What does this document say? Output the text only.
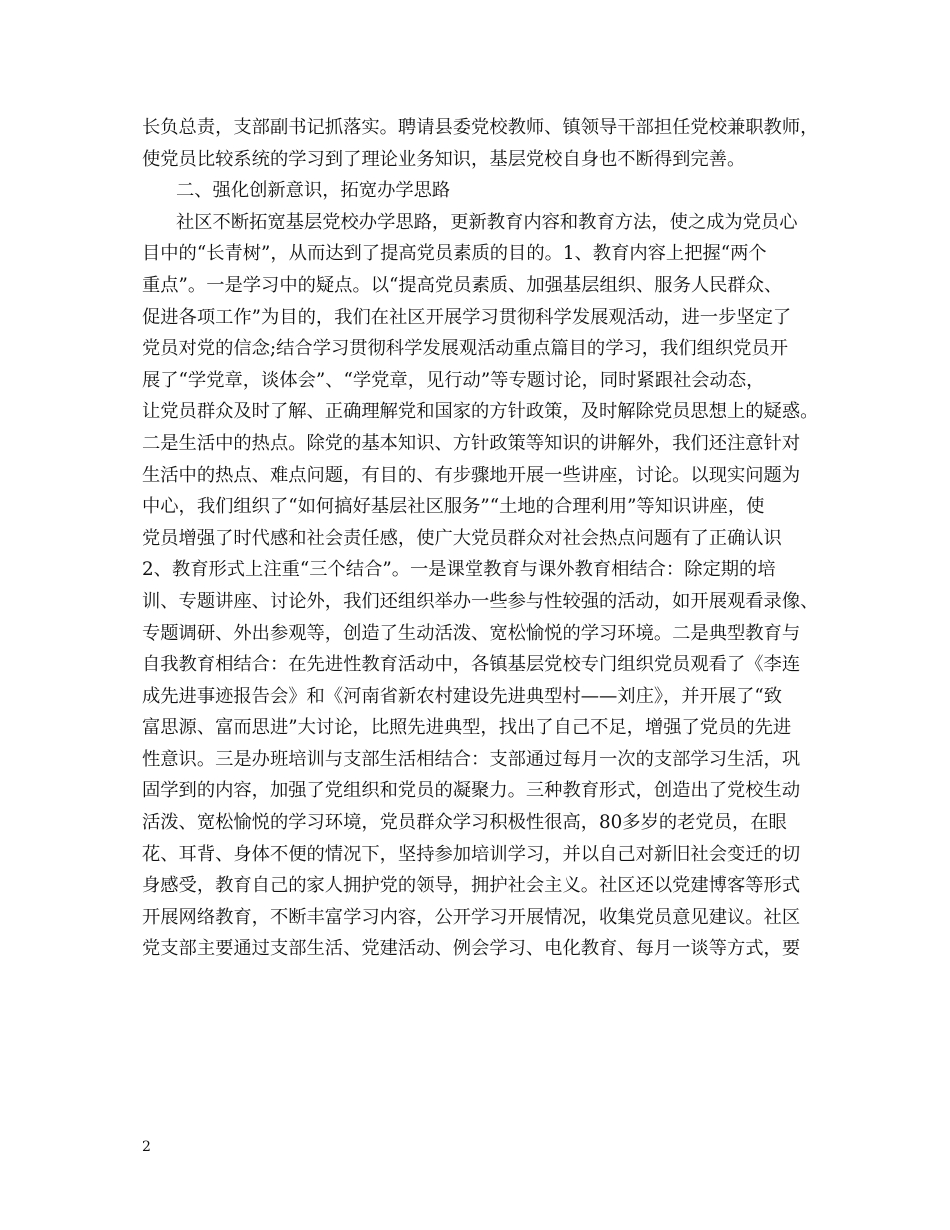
长负总责，支部副书记抓落实。聘请县委党校教师、镇领导干部担任党校兼职教师，
使党员比较系统的学习到了理论业务知识，基层党校自身也不断得到完善。
二、强化创新意识，拓宽办学思路
社区不断拓宽基层党校办学思路，更新教育内容和教育方法，使之成为党员心
目中的“长青树”，从而达到了提高党员素质的目的。1、教育内容上把握“两个
重点”。一是学习中的疑点。以“提高党员素质、加强基层组织、服务人民群众、
促进各项工作”为目的，我们在社区开展学习贯彻科学发展观活动，进一步坚定了
党员对党的信念;结合学习贯彻科学发展观活动重点篇目的学习，我们组织党员开
展了“学党章，谈体会”、“学党章，见行动”等专题讨论，同时紧跟社会动态，
让党员群众及时了解、正确理解党和国家的方针政策，及时解除党员思想上的疑惑。
二是生活中的热点。除党的基本知识、方针政策等知识的讲解外，我们还注意针对
生活中的热点、难点问题，有目的、有步骤地开展一些讲座，讨论。以现实问题为
中心，我们组织了“如何搞好基层社区服务”“土地的合理利用”等知识讲座，使
党员增强了时代感和社会责任感，使广大党员群众对社会热点问题有了正确认识
2、教育形式上注重“三个结合”。一是课堂教育与课外教育相结合：除定期的培
训、专题讲座、讨论外，我们还组织举办一些参与性较强的活动，如开展观看录像、
专题调研、外出参观等，创造了生动活泼、宽松愉悦的学习环境。二是典型教育与
自我教育相结合：在先进性教育活动中，各镇基层党校专门组织党员观看了《李连
成先进事迹报告会》和《河南省新农村建设先进典型村——刘庄》，并开展了“致
富思源、富而思进”大讨论，比照先进典型，找出了自己不足，增强了党员的先进
性意识。三是办班培训与支部生活相结合：支部通过每月一次的支部学习生活，巩
固学到的内容，加强了党组织和党员的凝聚力。三种教育形式，创造出了党校生动
活泼、宽松愉悦的学习环境，党员群众学习积极性很高，80多岁的老党员，在眼
花、耳背、身体不便的情况下，坚持参加培训学习，并以自己对新旧社会变迁的切
身感受，教育自己的家人拥护党的领导，拥护社会主义。社区还以党建博客等形式
开展网络教育，不断丰富学习内容，公开学习开展情况，收集党员意见建议。社区
党支部主要通过支部生活、党建活动、例会学习、电化教育、每月一谈等方式，要
2
